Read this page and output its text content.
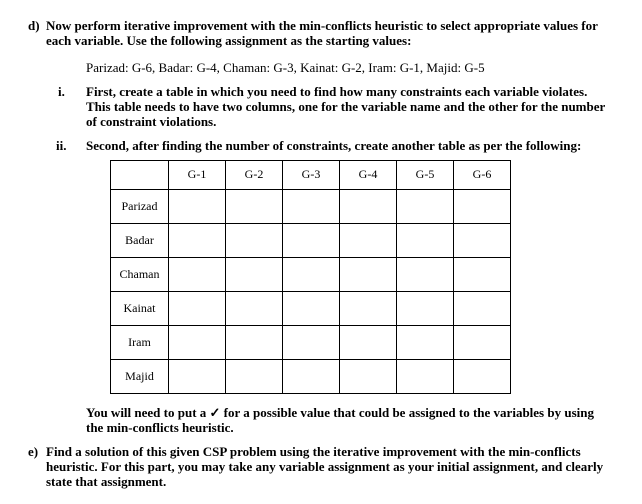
d) Now perform iterative improvement with the min-conflicts heuristic to select appropriate values for
each variable. Use the following assignment as the starting values:
Parizad: G-6, Badar: G-4, Chaman: G-3, Kainat: G-2, Iram: G-1, Majid: G-5
i. First, create a table in which you need to find how many constraints each variable violates.
This table needs to have two columns, one for the variable name and the other for the number
of constraint violations.
ii. Second, after finding the number of constraints, create another table as per the following:
	G-1	G-2	G-3	G-4	G-5	G-6
Parizad						
Badar						
Chaman						
Kainat						
Iram						
Majid						
You will need to put a ✓ for a possible value that could be assigned to the variables by using
the min-conflicts heuristic.
e) Find a solution of this given CSP problem using the iterative improvement with the min-conflicts
heuristic. For this part, you may take any variable assignment as your initial assignment, and clearly
state that assignment.
